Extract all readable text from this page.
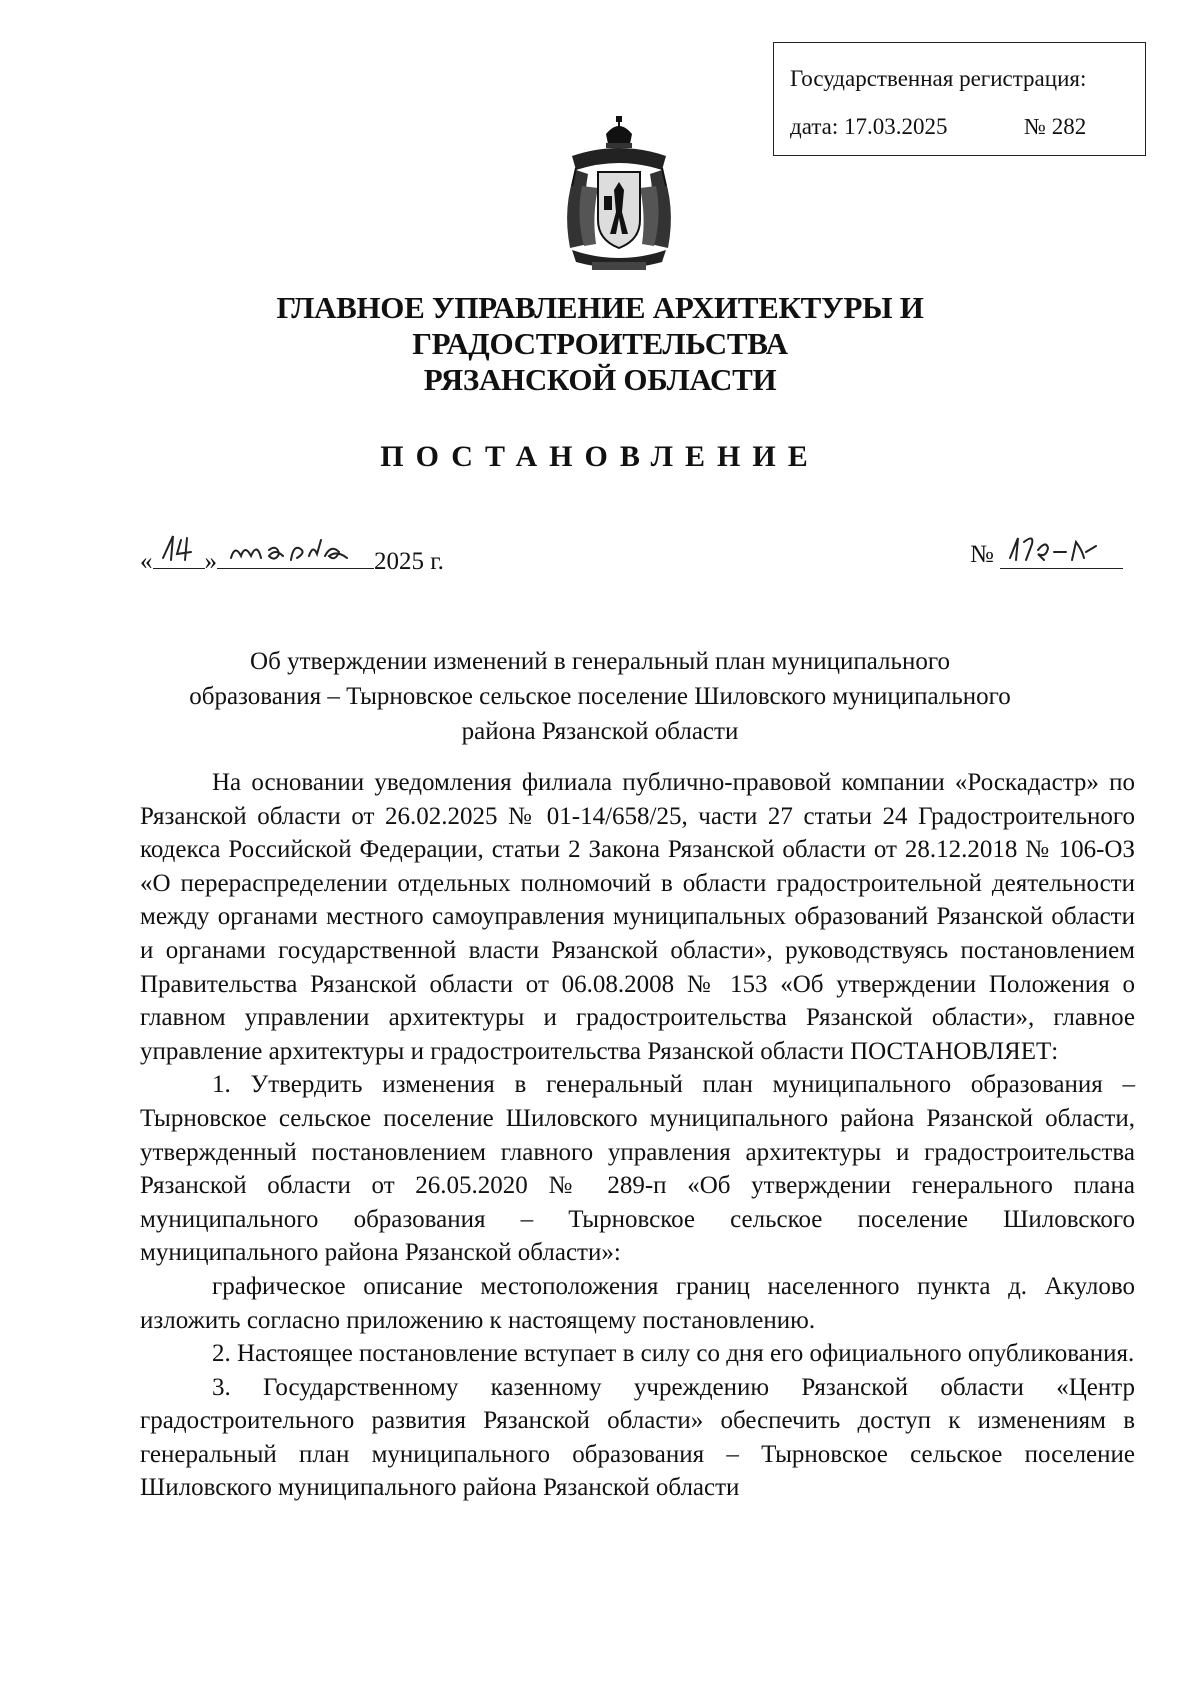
Государственная регистрация:
дата: 17.03.2025	№ 282
ГЛАВНОЕ УПРАВЛЕНИЕ АРХИТЕКТУРЫ И ГРАДОСТРОИТЕЛЬСТВА
РЯЗАНСКОЙ ОБЛАСТИ
ПОСТАНОВЛЕНИЕ
« »	2025 г.	№
Об утверждении изменений в генеральный план муниципального
образования – Тырновское сельское поселение Шиловского муниципального
района Рязанской области

На основании уведомления филиала публично-правовой компании «Роскадастр» по Рязанской области от 26.02.2025 № 01-14/658/25, части 27 статьи 24 Градостроительного кодекса Российской Федерации, статьи 2 Закона Рязанской области от 28.12.2018 № 106-ОЗ «О перераспределении отдельных полномочий в области градостроительной деятельности между органами местного самоуправления муниципальных образований Рязанской области и органами государственной власти Рязанской области», руководствуясь постановлением Правительства Рязанской области от 06.08.2008 № 153 «Об утверждении Положения о главном управлении архитектуры и градостроительства Рязанской области», главное управление архитектуры и градостроительства Рязанской области ПОСТАНОВЛЯЕТ:

1. Утвердить изменения в генеральный план муниципального образования – Тырновское сельское поселение Шиловского муниципального района Рязанской области, утвержденный постановлением главного управления архитектуры и градостроительства Рязанской области от 26.05.2020 № 289-п «Об утверждении генерального плана муниципального образования – Тырновское сельское поселение Шиловского муниципального района Рязанской области»:

графическое описание местоположения границ населенного пункта д. Акулово изложить согласно приложению к настоящему постановлению.

2. Настоящее постановление вступает в силу со дня его официального опубликования.

3. Государственному казенному учреждению Рязанской области «Центр градостроительного развития Рязанской области» обеспечить доступ к изменениям в генеральный план муниципального образования – Тырновское сельское поселение Шиловского муниципального района Рязанской области
